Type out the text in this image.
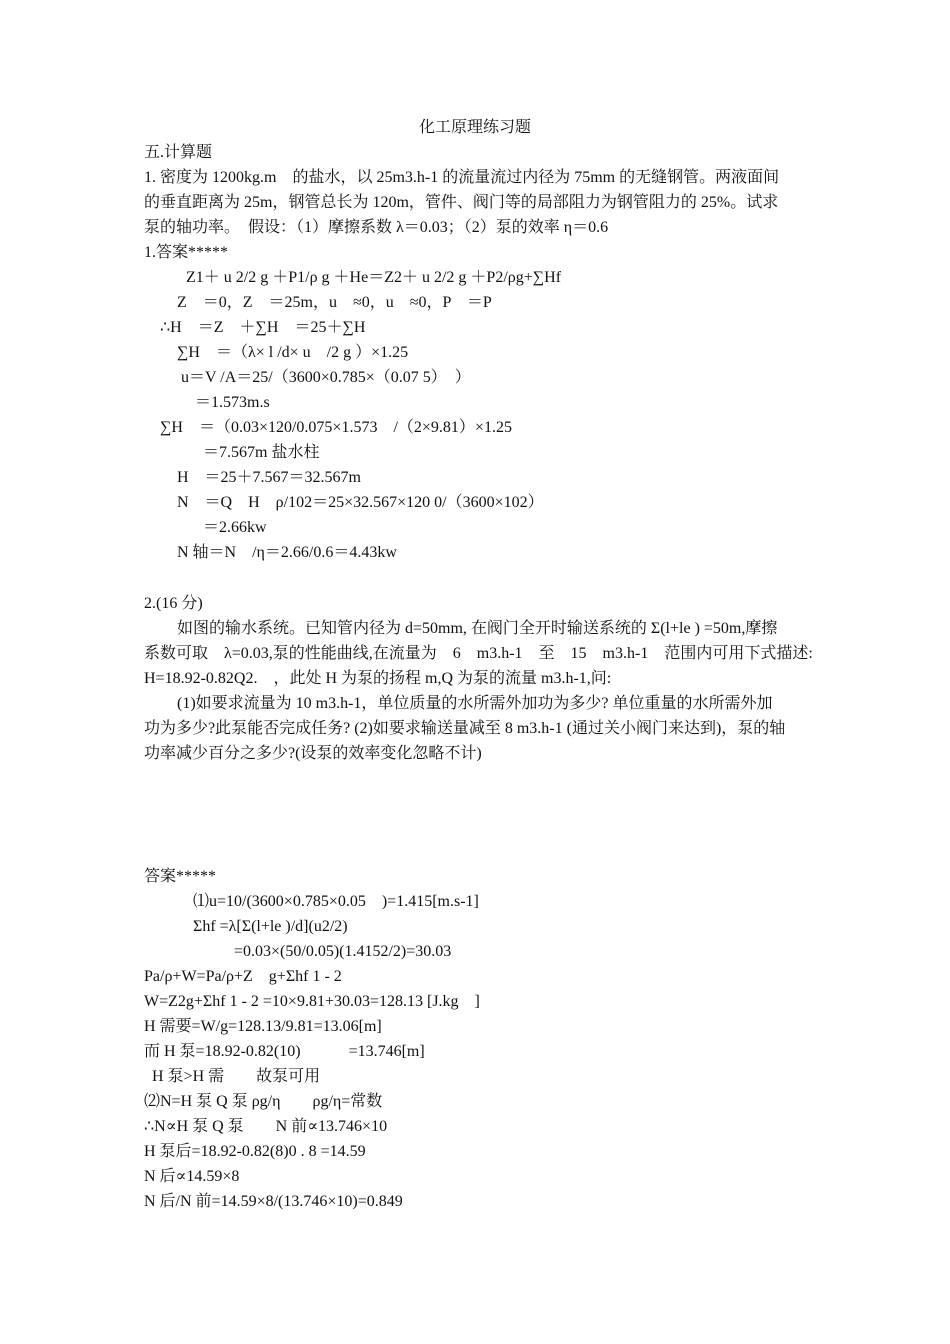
化工原理练习题
五.计算题
1. 密度为 1200kg.m　的盐水，以 25m3.h-1 的流量流过内径为 75mm 的无缝钢管。两液面间
的垂直距离为 25m，钢管总长为 120m，管件、阀门等的局部阻力为钢管阻力的 25%。试求
泵的轴功率。　假设：（1）摩擦系数 λ＝0.03；（2）泵的效率 η＝0.6
1.答案*****
Z1＋ u 2/2 g ＋P1/ρ g ＋He＝Z2＋ u 2/2 g ＋P2/ρg+∑Hf
Z　＝0，Z　＝25m，u　≈0，u　≈0，P　＝P
∴H　＝Z　＋∑H　＝25＋∑H
∑H　＝（λ× l /d× u　/2 g ）×1.25
u＝V /A＝25/（3600×0.785×（0.07 5）　）
＝1.573m.s
∑H　＝（0.03×120/0.075×1.573　/（2×9.81）×1.25
＝7.567m 盐水柱
H　＝25＋7.567＝32.567m
N　＝Q　H　ρ/102＝25×32.567×120 0/（3600×102）
＝2.66kw
N 轴＝N　/η＝2.66/0.6＝4.43kw
2.(16 分)
如图的输水系统。已知管内径为 d=50mm, 在阀门全开时输送系统的 Σ(l+le ) =50m,摩擦
系数可取　λ=0.03,泵的性能曲线,在流量为　6　m3.h-1　至　15　m3.h-1　范围内可用下式描述:
H=18.92-0.82Q2.　，此处 H 为泵的扬程 m,Q 为泵的流量 m3.h-1,问:
(1)如要求流量为 10 m3.h-1，单位质量的水所需外加功为多少? 单位重量的水所需外加
功为多少?此泵能否完成任务? (2)如要求输送量减至 8 m3.h-1 (通过关小阀门来达到)，泵的轴
功率减少百分之多少?(设泵的效率变化忽略不计)
答案*****
⑴u=10/(3600×0.785×0.05　)=1.415[m.s-1]
Σhf =λ[Σ(l+le )/d](u2/2)
=0.03×(50/0.05)(1.4152/2)=30.03
Pa/ρ+W=Pa/ρ+Z　g+Σhf 1 - 2
W=Z2g+Σhf 1 - 2 =10×9.81+30.03=128.13 [J.kg　]
H 需要=W/g=128.13/9.81=13.06[m]
而 H 泵=18.92-0.82(10)　　　=13.746[m]
H 泵>H 需　　故泵可用
⑵N=H 泵 Q 泵 ρg/η　　ρg/η=常数
∴N∝H 泵 Q 泵　　N 前∝13.746×10
H 泵后=18.92-0.82(8)0 . 8 =14.59
N 后∝14.59×8
N 后/N 前=14.59×8/(13.746×10)=0.849
